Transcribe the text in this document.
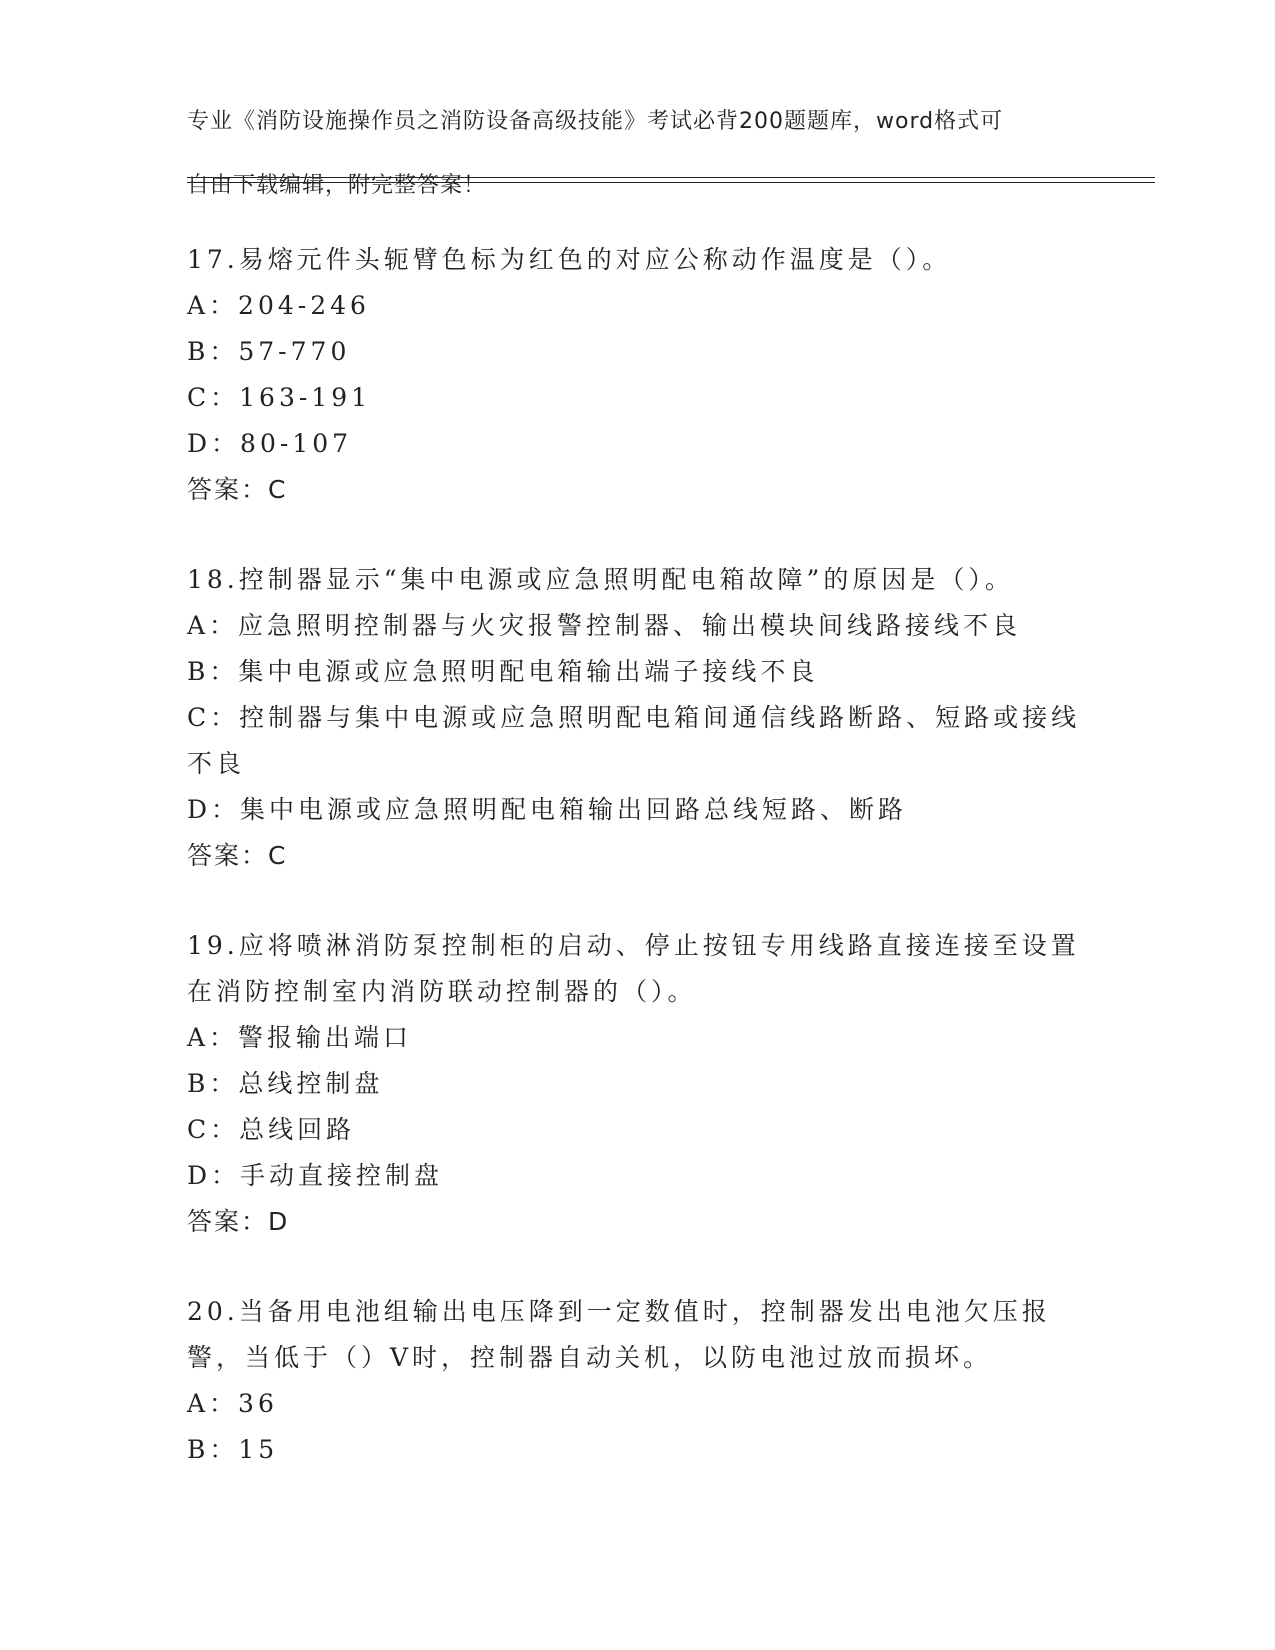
专业《消防设施操作员之消防设备高级技能》考试必背200题题库，word格式可

自由下载编辑，附完整答案！

17.易熔元件头轭臂色标为红色的对应公称动作温度是（）。

A：204-246

B：57-770

C：163-191

D：80-107

答案：C

18.控制器显示“集中电源或应急照明配电箱故障”的原因是（）。

A：应急照明控制器与火灾报警控制器、输出模块间线路接线不良

B：集中电源或应急照明配电箱输出端子接线不良

C：控制器与集中电源或应急照明配电箱间通信线路断路、短路或接线不良

D：集中电源或应急照明配电箱输出回路总线短路、断路

答案：C

19.应将喷淋消防泵控制柜的启动、停止按钮专用线路直接连接至设置在消防控制室内消防联动控制器的（）。

A：警报输出端口

B：总线控制盘

C：总线回路

D：手动直接控制盘

答案：D

20.当备用电池组输出电压降到一定数值时，控制器发出电池欠压报警，当低于（）V时，控制器自动关机，以防电池过放而损坏。

A：36

B：15
